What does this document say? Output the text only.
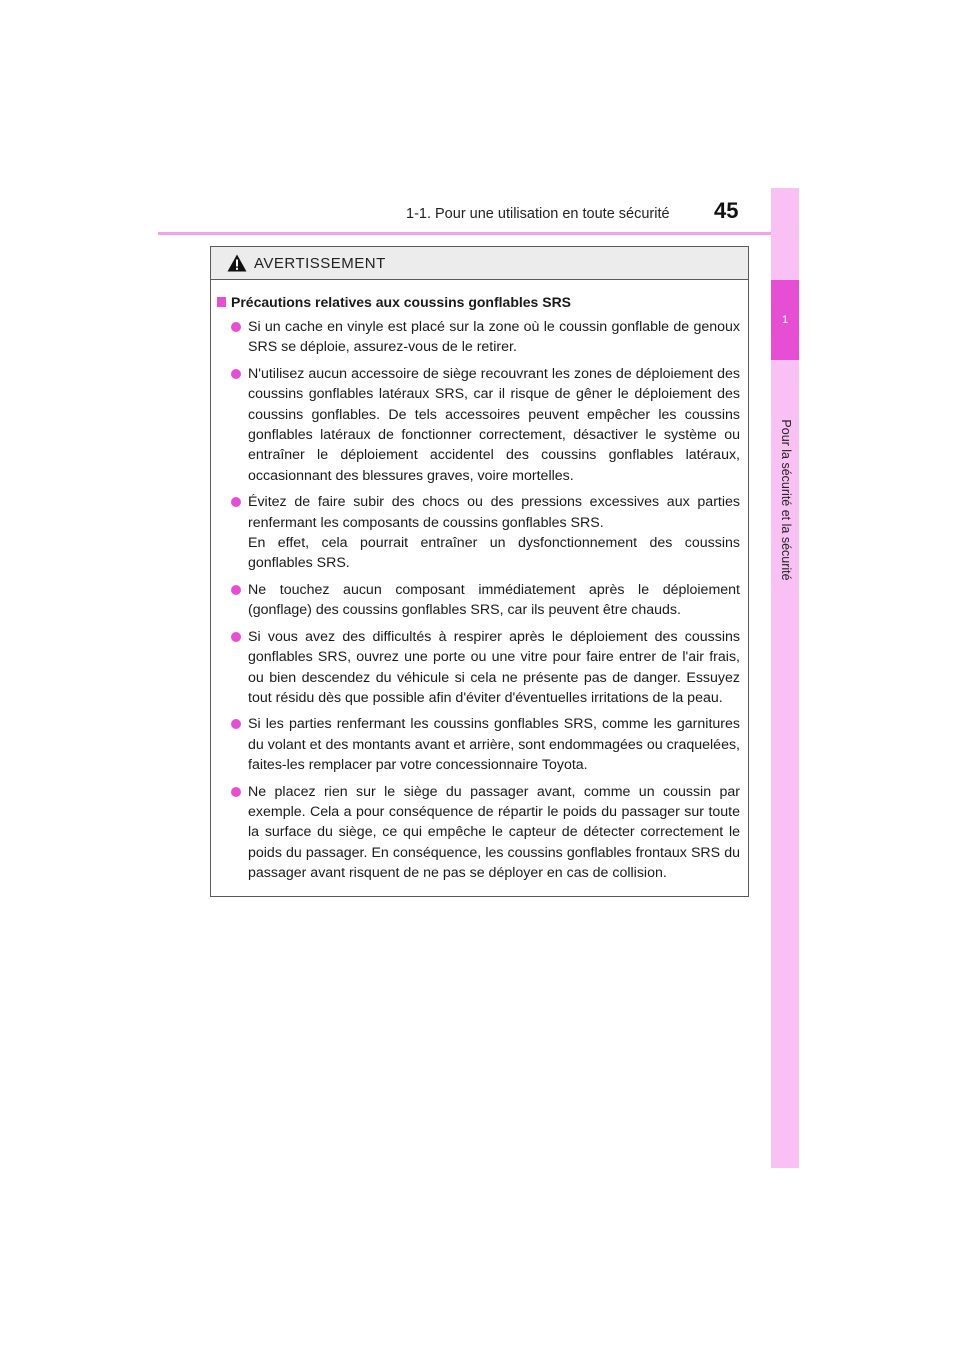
1-1. Pour une utilisation en toute sécurité 45
1
Pour la sécurité et la sécurité
AVERTISSEMENT
Précautions relatives aux coussins gonflables SRS
Si un cache en vinyle est placé sur la zone où le coussin gonflable de genoux SRS se déploie, assurez-vous de le retirer.
N'utilisez aucun accessoire de siège recouvrant les zones de déploiement des coussins gonflables latéraux SRS, car il risque de gêner le déploiement des coussins gonflables. De tels accessoires peuvent empêcher les coussins gonflables latéraux de fonctionner correctement, désactiver le système ou entraîner le déploiement accidentel des coussins gonflables latéraux, occasionnant des blessures graves, voire mortelles.
Évitez de faire subir des chocs ou des pressions excessives aux parties renfermant les composants de coussins gonflables SRS.
En effet, cela pourrait entraîner un dysfonctionnement des coussins gonflables SRS.
Ne touchez aucun composant immédiatement après le déploiement (gonflage) des coussins gonflables SRS, car ils peuvent être chauds.
Si vous avez des difficultés à respirer après le déploiement des coussins gonflables SRS, ouvrez une porte ou une vitre pour faire entrer de l'air frais, ou bien descendez du véhicule si cela ne présente pas de danger. Essuyez tout résidu dès que possible afin d'éviter d'éventuelles irritations de la peau.
Si les parties renfermant les coussins gonflables SRS, comme les garnitures du volant et des montants avant et arrière, sont endommagées ou craquelées, faites-les remplacer par votre concessionnaire Toyota.
Ne placez rien sur le siège du passager avant, comme un coussin par exemple. Cela a pour conséquence de répartir le poids du passager sur toute la surface du siège, ce qui empêche le capteur de détecter correctement le poids du passager. En conséquence, les coussins gonflables frontaux SRS du passager avant risquent de ne pas se déployer en cas de collision.
